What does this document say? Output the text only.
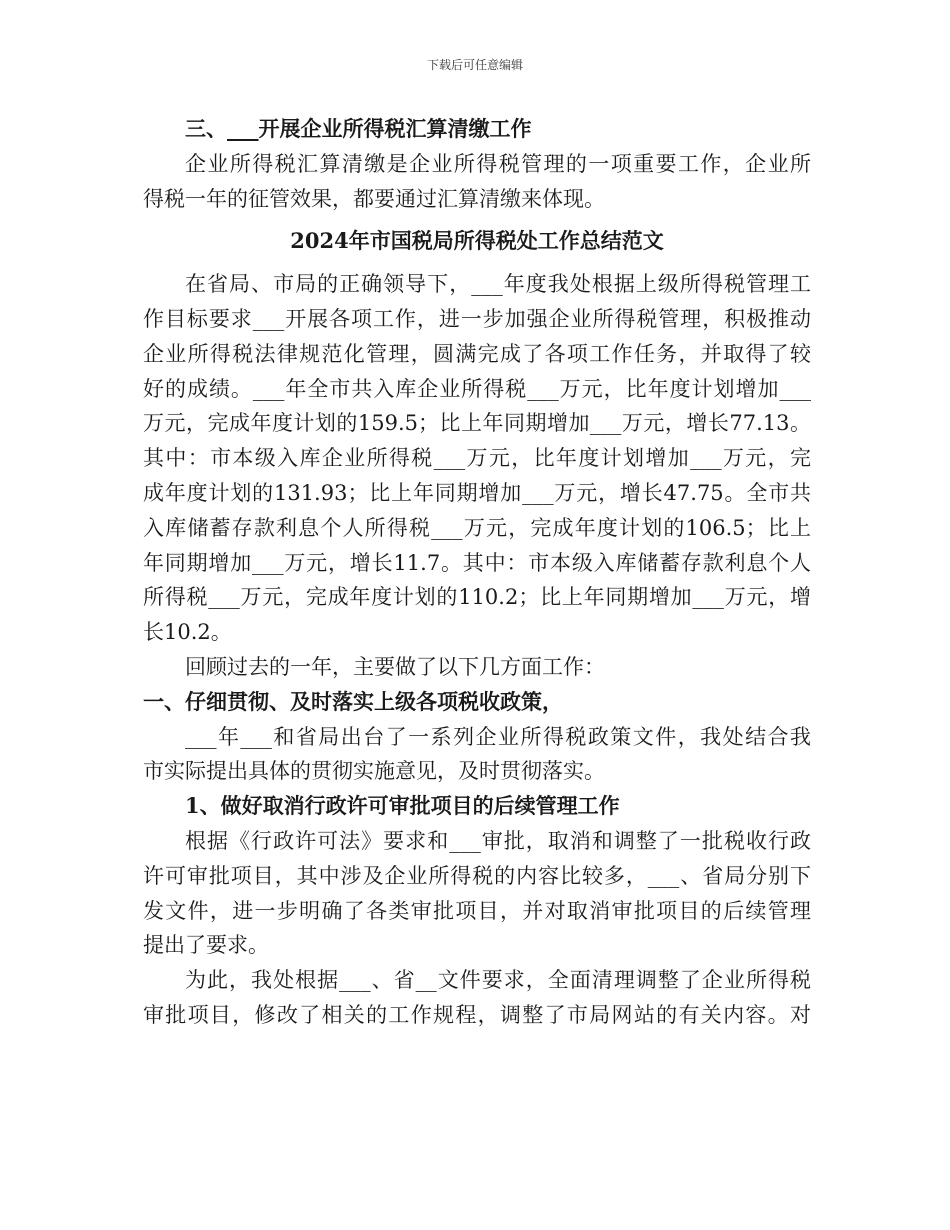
下载后可任意编辑
三、___开展企业所得税汇算清缴工作
企业所得税汇算清缴是企业所得税管理的一项重要工作，企业所
得税一年的征管效果，都要通过汇算清缴来体现。
2024年市国税局所得税处工作总结范文
在省局、市局的正确领导下，___年度我处根据上级所得税管理工
作目标要求___开展各项工作，进一步加强企业所得税管理，积极推动
企业所得税法律规范化管理，圆满完成了各项工作任务，并取得了较
好的成绩。___年全市共入库企业所得税___万元，比年度计划增加___
万元，完成年度计划的159.5；比上年同期增加___万元，增长77.13。
其中：市本级入库企业所得税___万元，比年度计划增加___万元，完
成年度计划的131.93；比上年同期增加___万元，增长47.75。全市共
入库储蓄存款利息个人所得税___万元，完成年度计划的106.5；比上
年同期增加___万元，增长11.7。其中：市本级入库储蓄存款利息个人
所得税___万元，完成年度计划的110.2；比上年同期增加___万元，增
长10.2。
回顾过去的一年，主要做了以下几方面工作：
一、仔细贯彻、及时落实上级各项税收政策，
___年___和省局出台了一系列企业所得税政策文件，我处结合我
市实际提出具体的贯彻实施意见，及时贯彻落实。
1、做好取消行政许可审批项目的后续管理工作
根据《行政许可法》要求和___审批，取消和调整了一批税收行政
许可审批项目，其中涉及企业所得税的内容比较多，___、省局分别下
发文件，进一步明确了各类审批项目，并对取消审批项目的后续管理
提出了要求。
为此，我处根据___、省__文件要求，全面清理调整了企业所得税
审批项目，修改了相关的工作规程，调整了市局网站的有关内容。对
